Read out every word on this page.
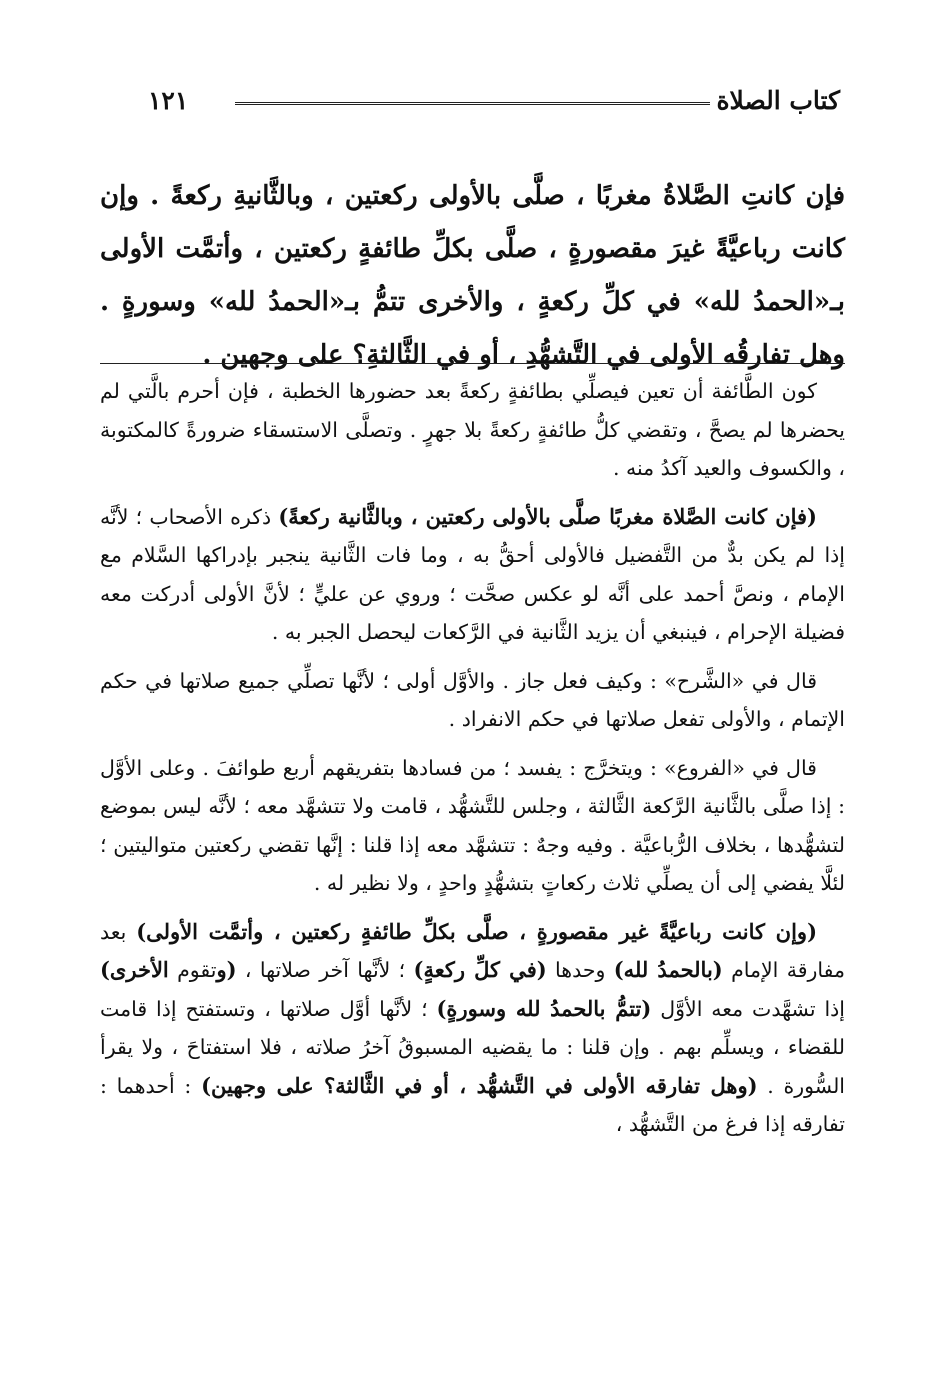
كتاب الصلاة
١٢١
فإن كانتِ الصَّلاةُ مغربًا ، صلَّى بالأولى ركعتين ، وبالثَّانيةِ ركعةً . وإن كانت رباعيَّةً غيرَ مقصورةٍ ، صلَّى بكلِّ طائفةٍ ركعتين ، وأتمَّت الأولى بـ«الحمدُ لله» في كلِّ ركعةٍ ، والأخرى تتمُّ بـ«الحمدُ لله» وسورةٍ . وهل تفارقُه الأولى في التَّشهُّدِ ، أو في الثَّالثةِ؟ على وجهين .

كون الطَّائفة أن تعين فيصلِّي بطائفةٍ ركعةً بعد حضورها الخطبة ، فإن أحرم بالَّتي لم يحضرها لم يصحَّ ، وتقضي كلُّ طائفةٍ ركعةً بلا جهرٍ . وتصلَّى الاستسقاء ضرورةً كالمكتوبة ، والكسوف والعيد آكدُ منه .

(فإن كانت الصَّلاة مغربًا صلَّى بالأولى ركعتين ، وبالثَّانية ركعةً) ذكره الأصحاب ؛ لأنَّه إذا لم يكن بدٌّ من التَّفضيل فالأولى أحقُّ به ، وما فات الثَّانية ينجبر بإدراكها السَّلام مع الإمام ، ونصَّ أحمد على أنَّه لو عكس صحَّت ؛ وروي عن عليٍّ ؛ لأنَّ الأولى أدركت معه فضيلة الإحرام ، فينبغي أن يزيد الثَّانية في الرَّكعات ليحصل الجبر به .

قال في «الشَّرح» : وكيف فعل جاز . والأوَّل أولى ؛ لأنَّها تصلِّي جميع صلاتها في حكم الإتمام ، والأولى تفعل صلاتها في حكم الانفراد .

قال في «الفروع» : ويتخرَّج : يفسد ؛ من فسادها بتفريقهم أربع طوائفَ . وعلى الأوَّل : إذا صلَّى بالثَّانية الرَّكعة الثَّالثة ، وجلس للتَّشهُّد ، قامت ولا تتشهَّد معه ؛ لأنَّه ليس بموضع لتشهُّدها ، بخلاف الرُّباعيَّة . وفيه وجهٌ : تتشهَّد معه إذا قلنا : إنَّها تقضي ركعتين متواليتين ؛ لئلَّا يفضي إلى أن يصلِّي ثلاث ركعاتٍ بتشهُّدٍ واحدٍ ، ولا نظير له .

(وإن كانت رباعيَّةً غير مقصورةٍ ، صلَّى بكلِّ طائفةٍ ركعتين ، وأتمَّت الأولى) بعد مفارقة الإمام (بالحمدُ لله) وحدها (في كلِّ ركعةٍ) ؛ لأنَّها آخر صلاتها ، (وتقوم الأخرى) إذا تشهَّدت معه الأوَّل (تتمُّ بالحمدُ لله وسورةٍ) ؛ لأنَّها أوَّل صلاتها ، وتستفتح إذا قامت للقضاء ، ويسلِّم بهم . وإن قلنا : ما يقضيه المسبوقُ آخرُ صلاته ، فلا استفتاحَ ، ولا يقرأ السُّورة . (وهل تفارقه الأولى في التَّشهُّد ، أو في الثَّالثة؟ على وجهين) : أحدهما : تفارقه إذا فرغ من التَّشهُّد ،
